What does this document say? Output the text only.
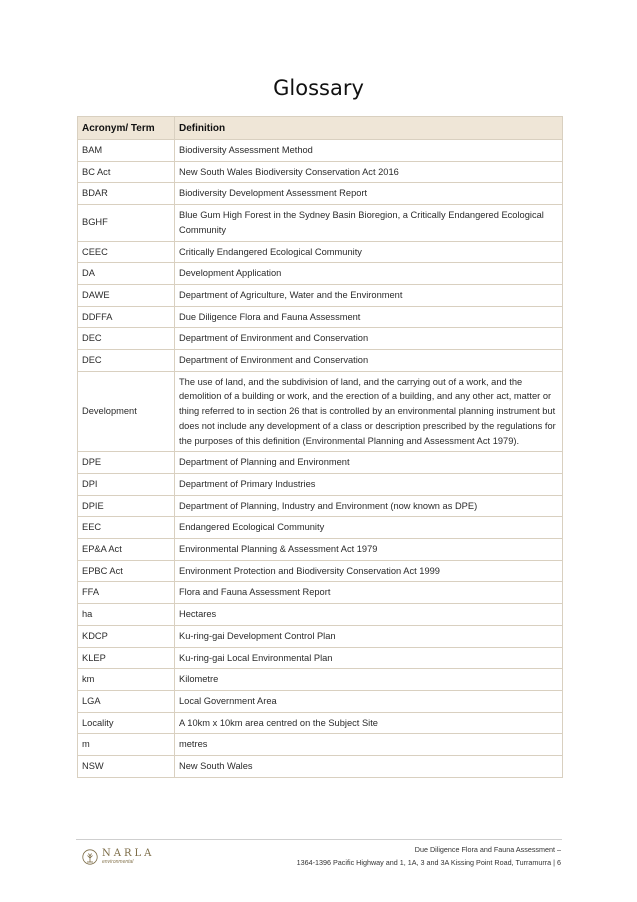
Glossary
Acronym/ Term	Definition
BAM	Biodiversity Assessment Method
BC Act	New South Wales Biodiversity Conservation Act 2016
BDAR	Biodiversity Development Assessment Report
BGHF	Blue Gum High Forest in the Sydney Basin Bioregion, a Critically Endangered Ecological Community
CEEC	Critically Endangered Ecological Community
DA	Development Application
DAWE	Department of Agriculture, Water and the Environment
DDFFA	Due Diligence Flora and Fauna Assessment
DEC	Department of Environment and Conservation
DEC	Department of Environment and Conservation
Development	The use of land, and the subdivision of land, and the carrying out of a work, and the demolition of a building or work, and the erection of a building, and any other act, matter or thing referred to in section 26 that is controlled by an environmental planning instrument but does not include any development of a class or description prescribed by the regulations for the purposes of this definition (Environmental Planning and Assessment Act 1979).
DPE	Department of Planning and Environment
DPI	Department of Primary Industries
DPIE	Department of Planning, Industry and Environment (now known as DPE)
EEC	Endangered Ecological Community
EP&A Act	Environmental Planning & Assessment Act 1979
EPBC Act	Environment Protection and Biodiversity Conservation Act 1999
FFA	Flora and Fauna Assessment Report
ha	Hectares
KDCP	Ku-ring-gai Development Control Plan
KLEP	Ku-ring-gai Local Environmental Plan
km	Kilometre
LGA	Local Government Area
Locality	A 10km x 10km area centred on the Subject Site
m	metres
NSW	New South Wales
NARLA
environmental
Due Diligence Flora and Fauna Assessment –
1364-1396 Pacific Highway and 1, 1A, 3 and 3A Kissing Point Road, Turramurra | 6
